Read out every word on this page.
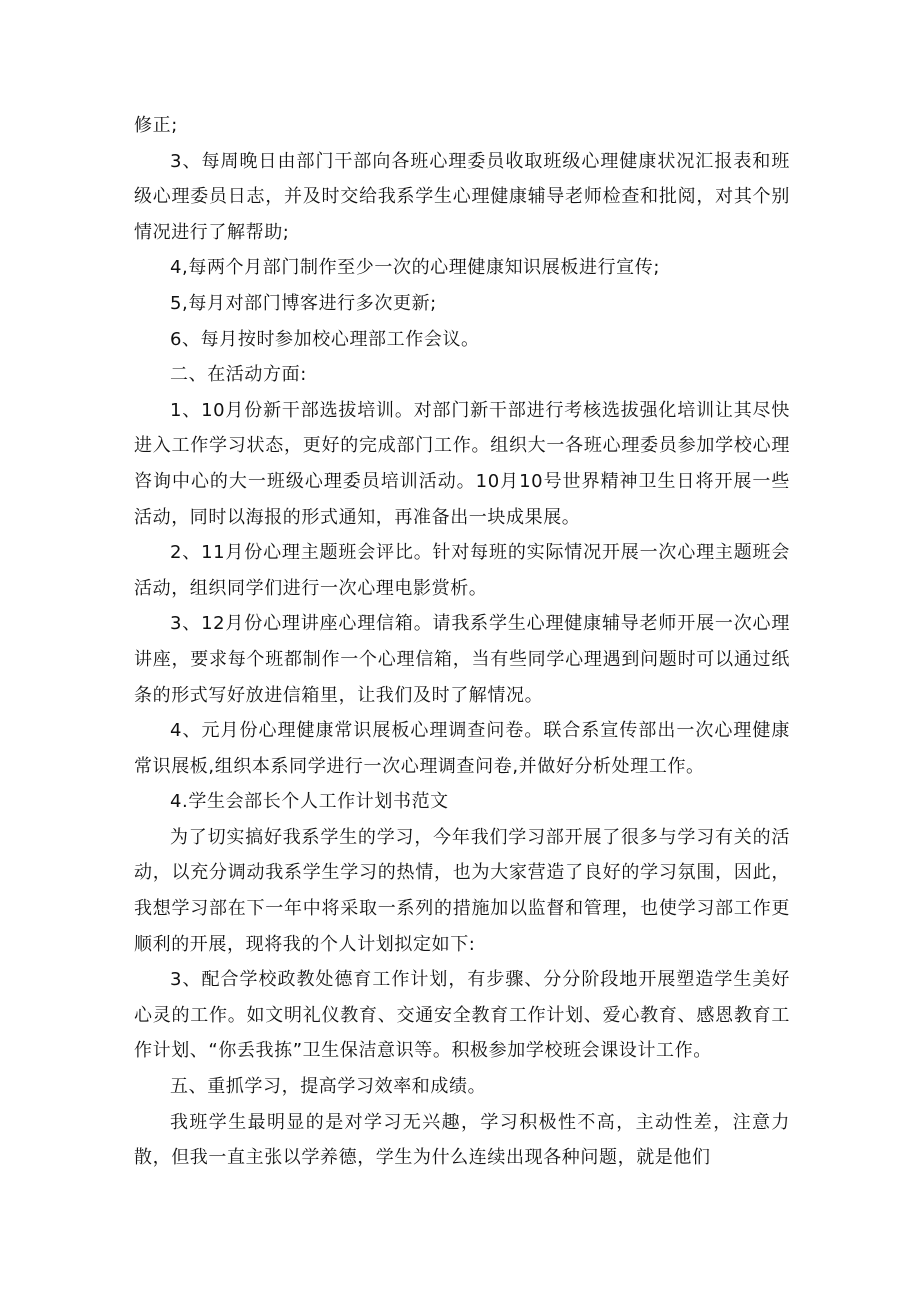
修正;

3、每周晚日由部门干部向各班心理委员收取班级心理健康状况汇报表和班级心理委员日志，并及时交给我系学生心理健康辅导老师检查和批阅，对其个别情况进行了解帮助;

4,每两个月部门制作至少一次的心理健康知识展板进行宣传;

5,每月对部门博客进行多次更新;

6、每月按时参加校心理部工作会议。

二、在活动方面:

1、10月份新干部选拔培训。对部门新干部进行考核选拔强化培训让其尽快进入工作学习状态，更好的完成部门工作。组织大一各班心理委员参加学校心理咨询中心的大一班级心理委员培训活动。10月10号世界精神卫生日将开展一些活动，同时以海报的形式通知，再准备出一块成果展。

2、11月份心理主题班会评比。针对每班的实际情况开展一次心理主题班会活动，组织同学们进行一次心理电影赏析。

3、12月份心理讲座心理信箱。请我系学生心理健康辅导老师开展一次心理讲座，要求每个班都制作一个心理信箱，当有些同学心理遇到问题时可以通过纸条的形式写好放进信箱里，让我们及时了解情况。

4、元月份心理健康常识展板心理调查问卷。联合系宣传部出一次心理健康常识展板,组织本系同学进行一次心理调查问卷,并做好分析处理工作。

4.学生会部长个人工作计划书范文

为了切实搞好我系学生的学习，今年我们学习部开展了很多与学习有关的活动，以充分调动我系学生学习的热情，也为大家营造了良好的学习氛围，因此，我想学习部在下一年中将采取一系列的措施加以监督和管理，也使学习部工作更顺利的开展，现将我的个人计划拟定如下:

3、配合学校政教处德育工作计划，有步骤、分分阶段地开展塑造学生美好心灵的工作。如文明礼仪教育、交通安全教育工作计划、爱心教育、感恩教育工作计划、“你丢我拣”卫生保洁意识等。积极参加学校班会课设计工作。

五、重抓学习，提高学习效率和成绩。

我班学生最明显的是对学习无兴趣，学习积极性不高，主动性差，注意力散，但我一直主张以学养德，学生为什么连续出现各种问题，就是他们
